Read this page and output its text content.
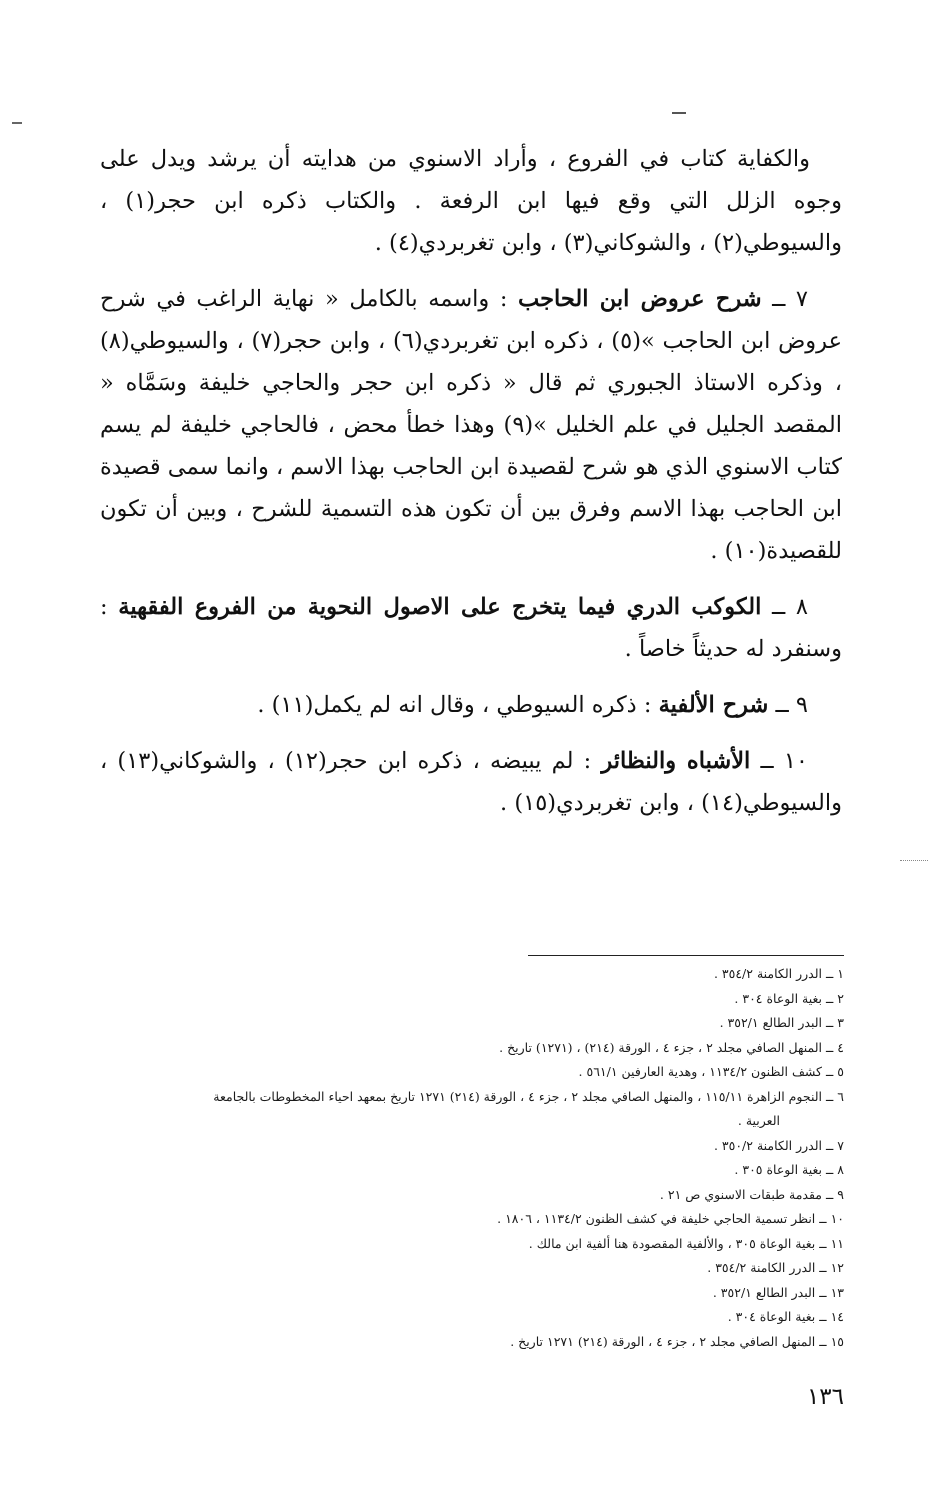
والكفاية كتاب في الفروع ، وأراد الاسنوي من هدايته أن يرشد ويدل على وجوه الزلل التي وقع فيها ابن الرفعة . والكتاب ذكره ابن حجر(١) ، والسيوطي(٢) ، والشوكاني(٣) ، وابن تغربردي(٤) .

٧ ــ شرح عروض ابن الحاجب : واسمه بالكامل « نهاية الراغب في شرح عروض ابن الحاجب »(٥) ، ذكره ابن تغربردي(٦) ، وابن حجر(٧) ، والسيوطي(٨) ، وذكره الاستاذ الجبوري ثم قال « ذكره ابن حجر والحاجي خليفة وسَمَّاه « المقصد الجليل في علم الخليل »(٩) وهذا خطأ محض ، فالحاجي خليفة لم يسم كتاب الاسنوي الذي هو شرح لقصيدة ابن الحاجب بهذا الاسم ، وانما سمى قصيدة ابن الحاجب بهذا الاسم وفرق بين أن تكون هذه التسمية للشرح ، وبين أن تكون للقصيدة(١٠) .

٨ ــ الكوكب الدري فيما يتخرج على الاصول النحوية من الفروع الفقهية : وسنفرد له حديثاً خاصاً .

٩ ــ شرح الألفية : ذكره السيوطي ، وقال انه لم يكمل(١١) .

١٠ ــ الأشباه والنظائر : لم يبيضه ، ذكره ابن حجر(١٢) ، والشوكاني(١٣) ، والسيوطي(١٤) ، وابن تغربردي(١٥) .

١ ــ الدرر الكامنة ٣٥٤/٢ .

٢ ــ بغية الوعاة ٣٠٤ .

٣ ــ البدر الطالع ٣٥٢/١ .

٤ ــ المنهل الصافي مجلد ٢ ، جزء ٤ ، الورقة (٢١٤) ، (١٢٧١) تاريخ .

٥ ــ كشف الظنون ١١٣٤/٢ ، وهدية العارفين ٥٦١/١ .

٦ ــ النجوم الزاهرة ١١٥/١١ ، والمنهل الصافي مجلد ٢ ، جزء ٤ ، الورقة (٢١٤) ١٢٧١ تاريخ بمعهد احياء المخطوطات بالجامعة

العربية .

٧ ــ الدرر الكامنة ٣٥٠/٢ .

٨ ــ بغية الوعاة ٣٠٥ .

٩ ــ مقدمة طبقات الاسنوي ص ٢١ .

١٠ ــ انظر تسمية الحاجي خليفة في كشف الظنون ١١٣٤/٢ ، ١٨٠٦ .

١١ ــ بغية الوعاة ٣٠٥ ، والألفية المقصودة هنا ألفية ابن مالك .

١٢ ــ الدرر الكامنة ٣٥٤/٢ .

١٣ ــ البدر الطالع ٣٥٢/١ .

١٤ ــ بغية الوعاة ٣٠٤ .

١٥ ــ المنهل الصافي مجلد ٢ ، جزء ٤ ، الورقة (٢١٤) ١٢٧١ تاريخ .

١٣٦
